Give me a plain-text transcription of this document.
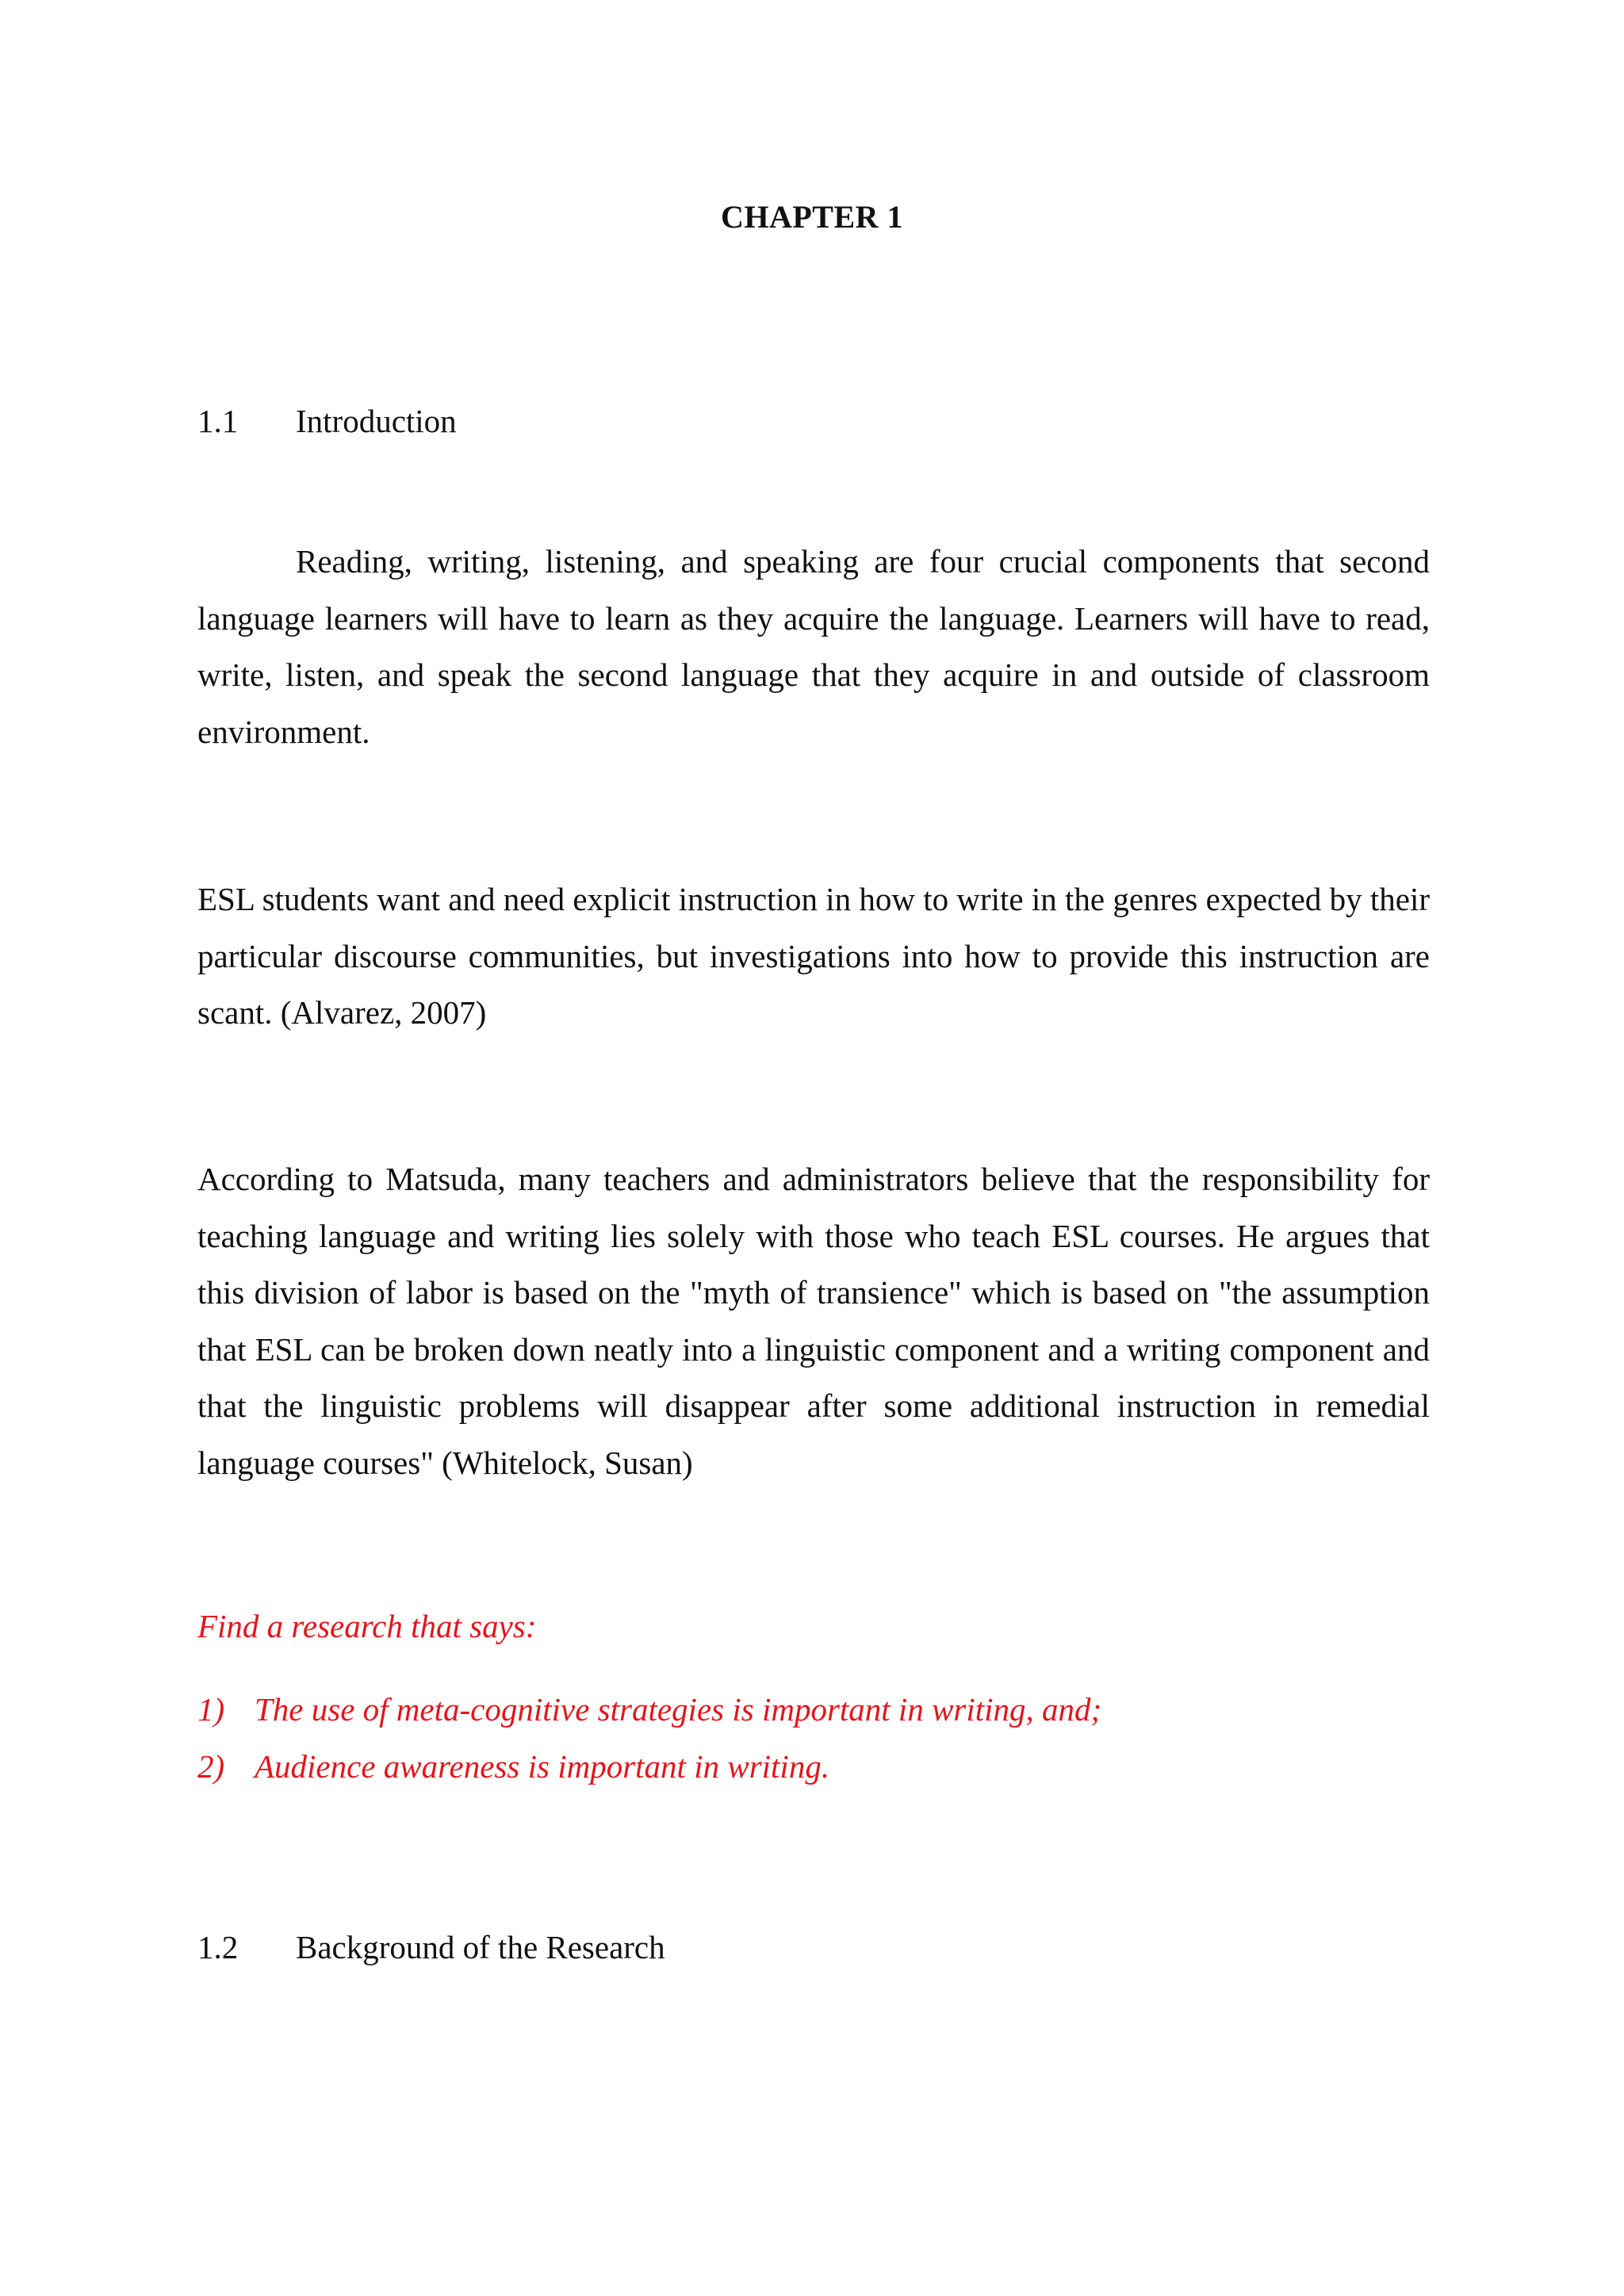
CHAPTER 1
1.1 Introduction

Reading, writing, listening, and speaking are four crucial components that second language learners will have to learn as they acquire the language. Learners will have to read, write, listen, and speak the second language that they acquire in and outside of classroom environment.

ESL students want and need explicit instruction in how to write in the genres expected by their particular discourse communities, but investigations into how to provide this instruction are scant. (Alvarez, 2007)

According to Matsuda, many teachers and administrators believe that the responsibility for teaching language and writing lies solely with those who teach ESL courses. He argues that this division of labor is based on the "myth of transience" which is based on "the assumption that ESL can be broken down neatly into a linguistic component and a writing component and that the linguistic problems will disappear after some additional instruction in remedial language courses" (Whitelock, Susan)

Find a research that says:
1) The use of meta-cognitive strategies is important in writing, and;
2) Audience awareness is important in writing.
1.2 Background of the Research
